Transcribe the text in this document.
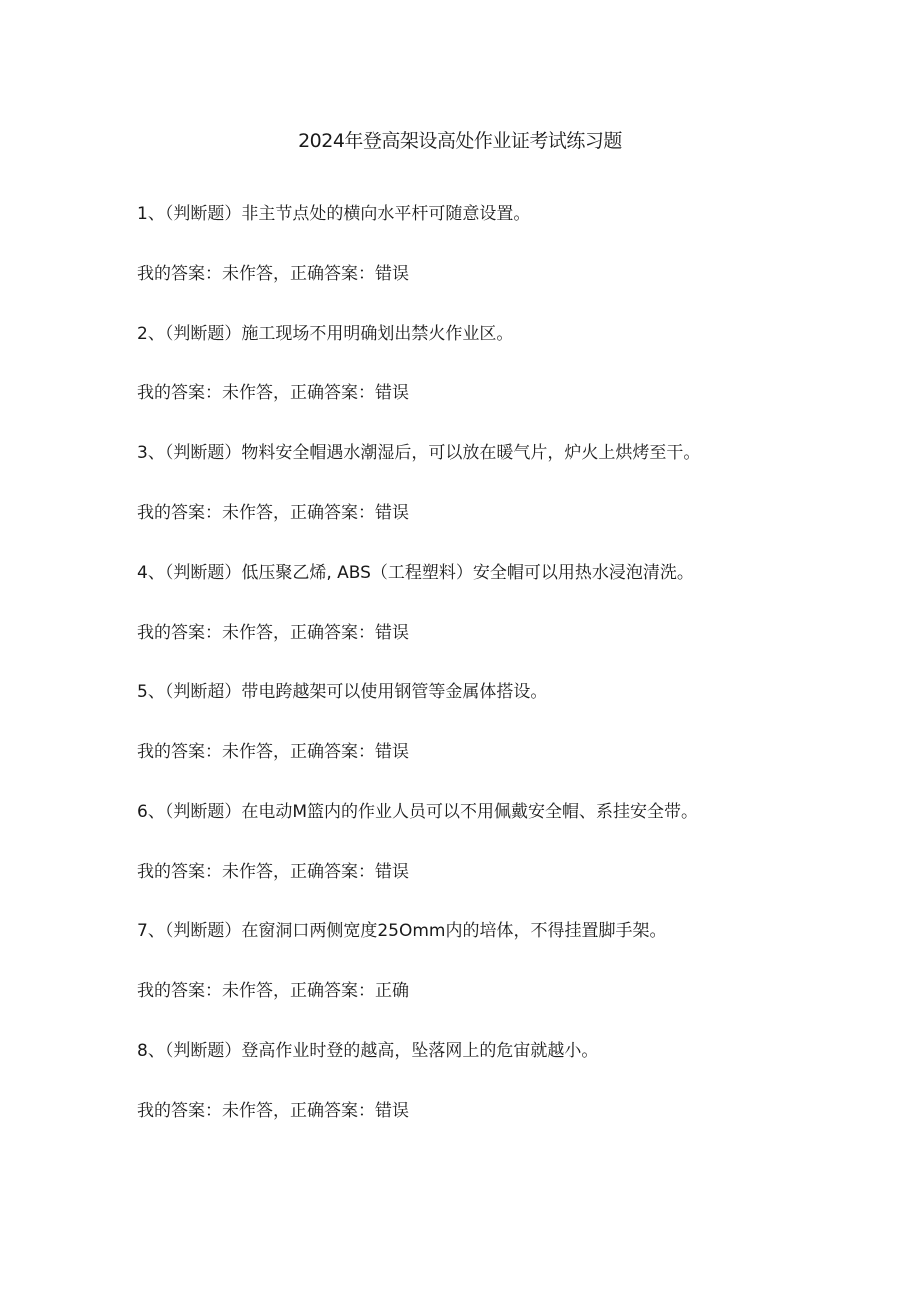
2024年登高架设高处作业证考试练习题
1、（判断题）非主节点处的横向水平杆可随意设置。
我的答案：未作答，正确答案：错误
2、（判断题）施工现场不用明确划出禁火作业区。
我的答案：未作答，正确答案：错误
3、（判断题）物料安全帽遇水潮湿后，可以放在暖气片，炉火上烘烤至干。
我的答案：未作答，正确答案：错误
4、（判断题）低压聚乙烯, ABS（工程塑料）安全帽可以用热水浸泡清洗。
我的答案：未作答，正确答案：错误
5、（判断超）带电跨越架可以使用钢管等金属体搭设。
我的答案：未作答，正确答案：错误
6、（判断题）在电动M篮内的作业人员可以不用佩戴安全帽、系挂安全带。
我的答案：未作答，正确答案：错误
7、（判断题）在窗洞口两侧宽度25Omm内的培体，不得挂置脚手架。
我的答案：未作答，正确答案：正确
8、（判断题）登高作业时登的越高，坠落网上的危宙就越小。
我的答案：未作答，正确答案：错误
